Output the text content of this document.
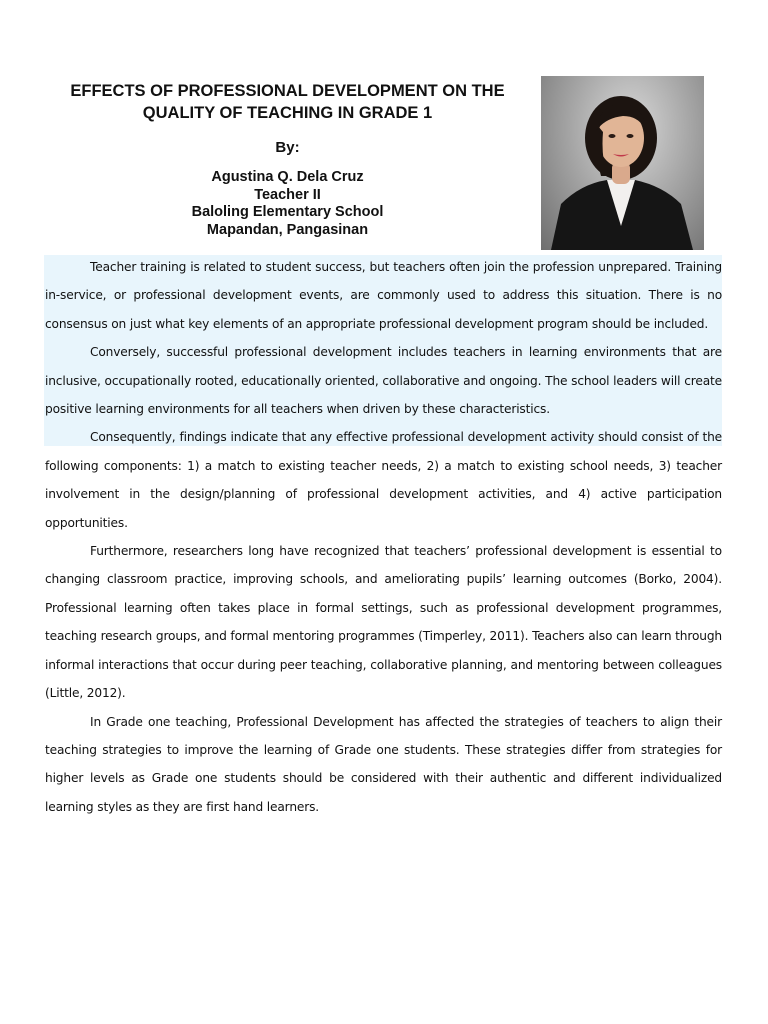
EFFECTS OF PROFESSIONAL DEVELOPMENT ON THE
QUALITY OF TEACHING IN GRADE 1
By:
Agustina Q. Dela Cruz
Teacher II
Baloling Elementary School
Mapandan, Pangasinan

Teacher training is related to student success, but teachers often join the profession unprepared. Training in-service, or professional development events, are commonly used to address this situation. There is no consensus on just what key elements of an appropriate professional development program should be included.

Conversely, successful professional development includes teachers in learning environments that are inclusive, occupationally rooted, educationally oriented, collaborative and ongoing. The school leaders will create positive learning environments for all teachers when driven by these characteristics.

Consequently, findings indicate that any effective professional development activity should consist of the following components: 1) a match to existing teacher needs, 2) a match to existing school needs, 3) teacher involvement in the design/planning of professional development activities, and 4) active participation opportunities.

Furthermore, researchers long have recognized that teachers’ professional development is essential to changing classroom practice, improving schools, and ameliorating pupils’ learning outcomes (Borko, 2004). Professional learning often takes place in formal settings, such as professional development programmes, teaching research groups, and formal mentoring programmes (Timperley, 2011). Teachers also can learn through informal interactions that occur during peer teaching, collaborative planning, and mentoring between colleagues (Little, 2012).

In Grade one teaching, Professional Development has affected the strategies of teachers to align their teaching strategies to improve the learning of Grade one students. These strategies differ from strategies for higher levels as Grade one students should be considered with their authentic and different individualized learning styles as they are first hand learners.
